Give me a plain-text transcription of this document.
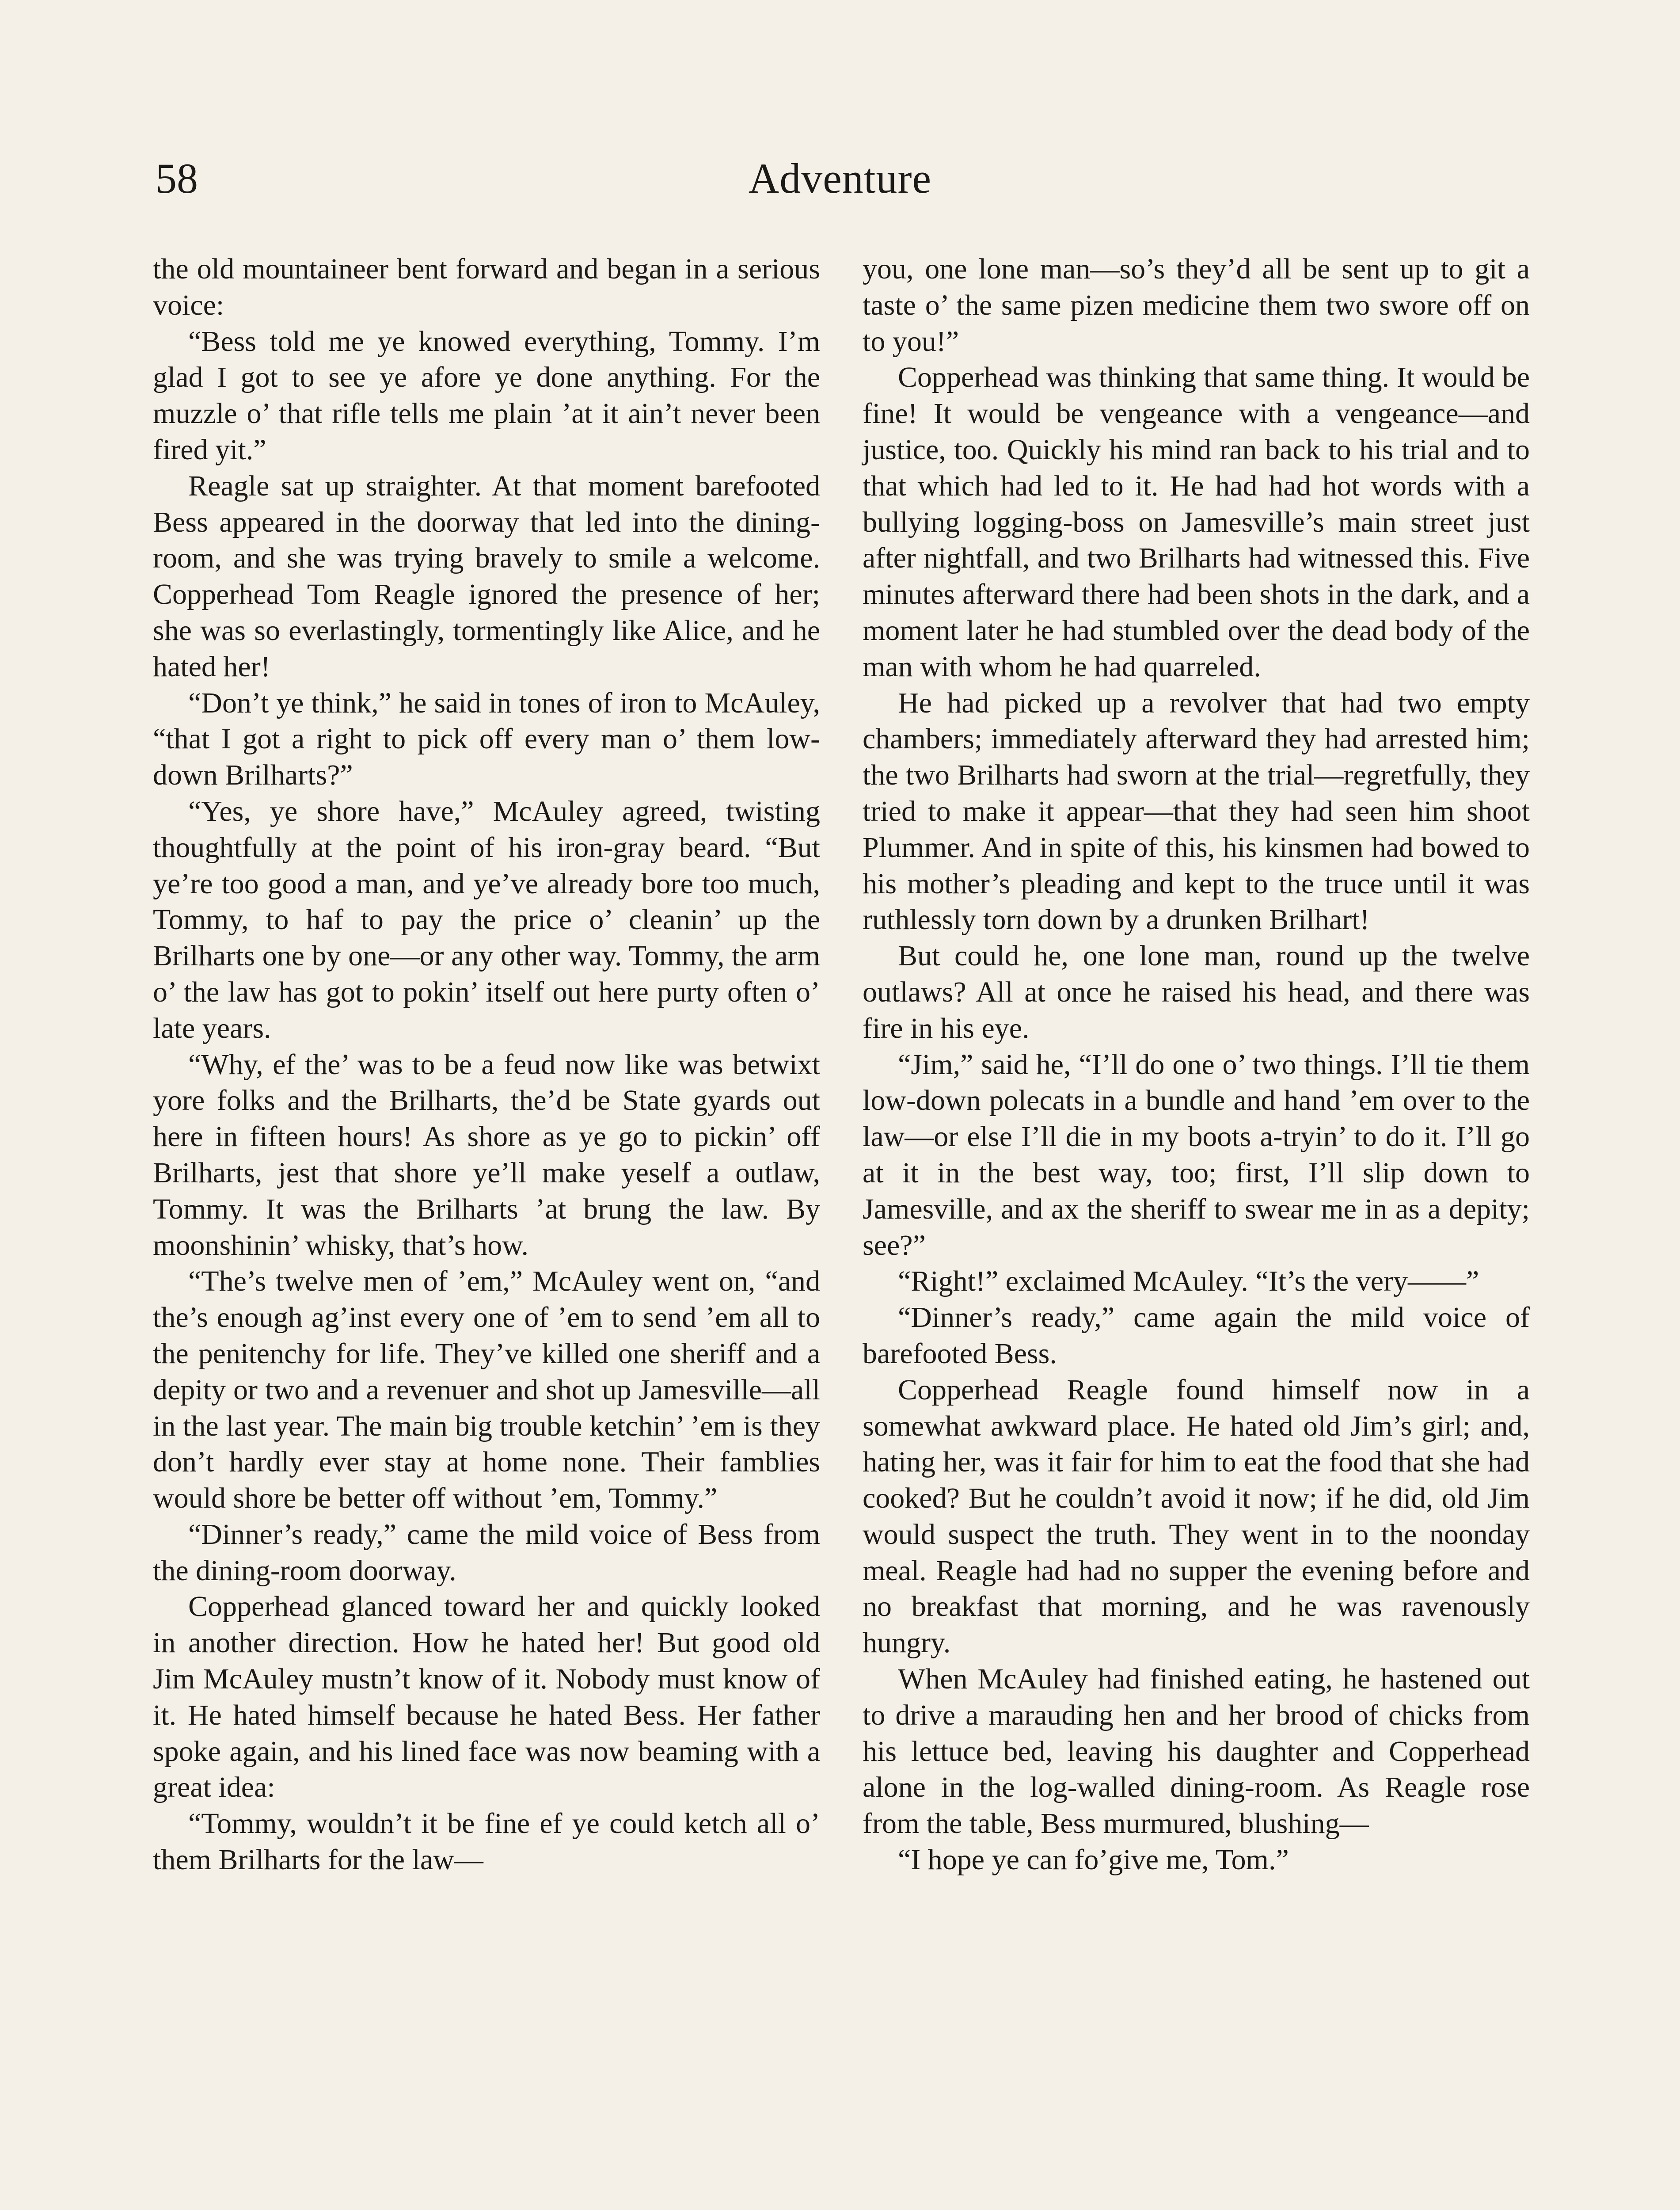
58	Adventure

the old mountaineer bent forward and began in a serious voice:

“Bess told me ye knowed everything, Tommy. I’m glad I got to see ye afore ye done anything. For the muzzle o’ that rifle tells me plain ’at it ain’t never been fired yit.”

Reagle sat up straighter. At that moment barefooted Bess appeared in the doorway that led into the dining-room, and she was trying bravely to smile a welcome. Copperhead Tom Reagle ignored the presence of her; she was so everlastingly, tormentingly like Alice, and he hated her!

“Don’t ye think,” he said in tones of iron to McAuley, “that I got a right to pick off every man o’ them low-down Brilharts?”

“Yes, ye shore have,” McAuley agreed, twisting thoughtfully at the point of his iron-gray beard. “But ye’re too good a man, and ye’ve already bore too much, Tommy, to haf to pay the price o’ cleanin’ up the Brilharts one by one—or any other way. Tommy, the arm o’ the law has got to pokin’ itself out here purty often o’ late years.

“Why, ef the’ was to be a feud now like was betwixt yore folks and the Brilharts, the’d be State gyards out here in fifteen hours! As shore as ye go to pickin’ off Brilharts, jest that shore ye’ll make yeself a outlaw, Tommy. It was the Brilharts ’at brung the law. By moonshinin’ whisky, that’s how.

“The’s twelve men of ’em,” McAuley went on, “and the’s enough ag’inst every one of ’em to send ’em all to the penitenchy for life. They’ve killed one sheriff and a depity or two and a revenuer and shot up Jamesville—all in the last year. The main big trouble ketchin’ ’em is they don’t hardly ever stay at home none. Their famblies would shore be better off without ’em, Tommy.”

“Dinner’s ready,” came the mild voice of Bess from the dining-room doorway.

Copperhead glanced toward her and quickly looked in another direction. How he hated her! But good old Jim McAuley mustn’t know of it. Nobody must know of it. He hated himself because he hated Bess. Her father spoke again, and his lined face was now beaming with a great idea:

“Tommy, wouldn’t it be fine ef ye could ketch all o’ them Brilharts for the law—

you, one lone man—so’s they’d all be sent up to git a taste o’ the same pizen medicine them two swore off on to you!”

Copperhead was thinking that same thing. It would be fine! It would be vengeance with a vengeance—and justice, too. Quickly his mind ran back to his trial and to that which had led to it. He had had hot words with a bullying logging-boss on Jamesville’s main street just after nightfall, and two Brilharts had witnessed this. Five minutes afterward there had been shots in the dark, and a moment later he had stumbled over the dead body of the man with whom he had quarreled.

He had picked up a revolver that had two empty chambers; immediately afterward they had arrested him; the two Brilharts had sworn at the trial—regretfully, they tried to make it appear—that they had seen him shoot Plummer. And in spite of this, his kinsmen had bowed to his mother’s pleading and kept to the truce until it was ruthlessly torn down by a drunken Brilhart!

But could he, one lone man, round up the twelve outlaws? All at once he raised his head, and there was fire in his eye.

“Jim,” said he, “I’ll do one o’ two things. I’ll tie them low-down polecats in a bundle and hand ’em over to the law—or else I’ll die in my boots a-tryin’ to do it. I’ll go at it in the best way, too; first, I’ll slip down to Jamesville, and ax the sheriff to swear me in as a depity; see?”

“Right!” exclaimed McAuley. “It’s the very——”

“Dinner’s ready,” came again the mild voice of barefooted Bess.

Copperhead Reagle found himself now in a somewhat awkward place. He hated old Jim’s girl; and, hating her, was it fair for him to eat the food that she had cooked? But he couldn’t avoid it now; if he did, old Jim would suspect the truth. They went in to the noonday meal. Reagle had had no supper the evening before and no breakfast that morning, and he was ravenously hungry.

When McAuley had finished eating, he hastened out to drive a marauding hen and her brood of chicks from his lettuce bed, leaving his daughter and Copperhead alone in the log-walled dining-room. As Reagle rose from the table, Bess murmured, blushing—

“I hope ye can fo’give me, Tom.”
